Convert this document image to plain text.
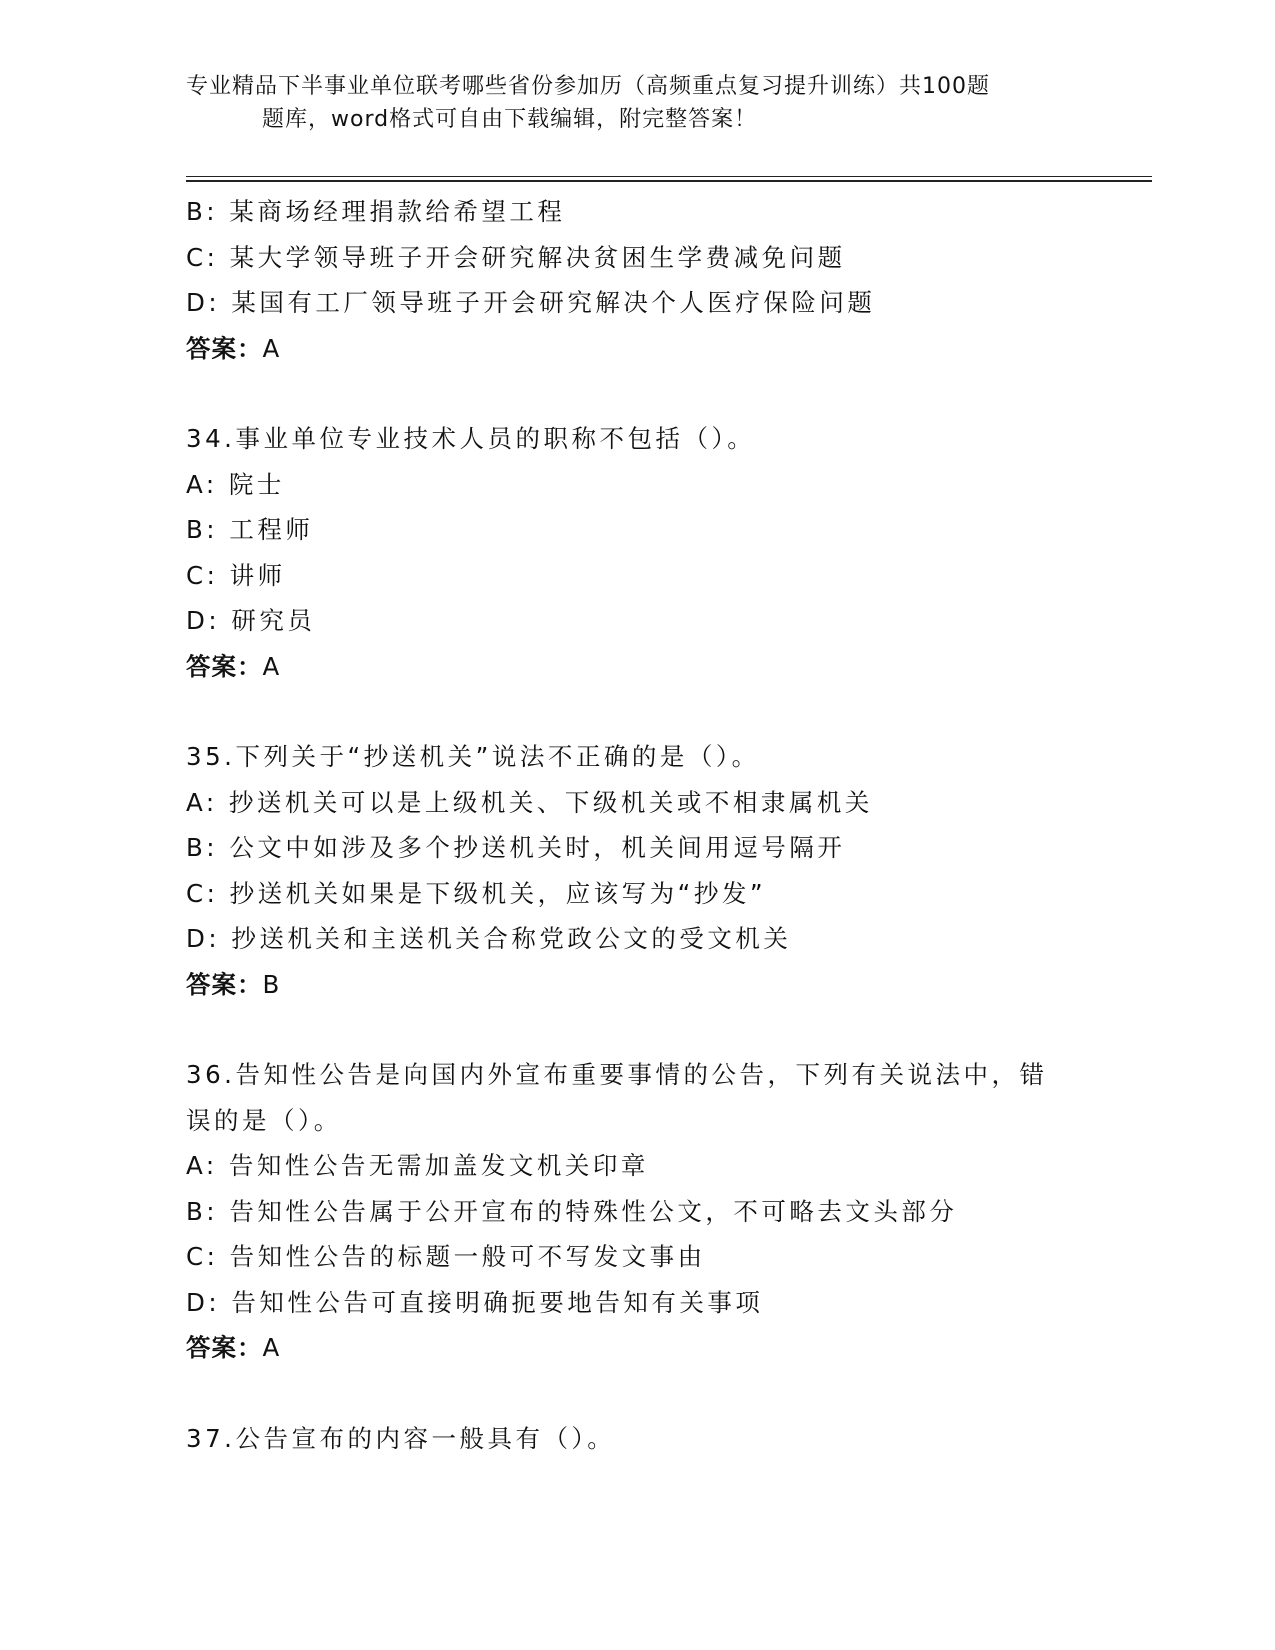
专业精品下半事业单位联考哪些省份参加历（高频重点复习提升训练）共100题
题库，word格式可自由下载编辑，附完整答案！
B: 某商场经理捐款给希望工程
C: 某大学领导班子开会研究解决贫困生学费减免问题
D: 某国有工厂领导班子开会研究解决个人医疗保险问题
答案：A
34.事业单位专业技术人员的职称不包括（）。
A: 院士
B: 工程师
C: 讲师
D: 研究员
答案：A
35.下列关于“抄送机关”说法不正确的是（）。
A: 抄送机关可以是上级机关、下级机关或不相隶属机关
B: 公文中如涉及多个抄送机关时，机关间用逗号隔开
C: 抄送机关如果是下级机关，应该写为“抄发”
D: 抄送机关和主送机关合称党政公文的受文机关
答案：B
36.告知性公告是向国内外宣布重要事情的公告，下列有关说法中，错
误的是（）。
A: 告知性公告无需加盖发文机关印章
B: 告知性公告属于公开宣布的特殊性公文，不可略去文头部分
C: 告知性公告的标题一般可不写发文事由
D: 告知性公告可直接明确扼要地告知有关事项
答案：A
37.公告宣布的内容一般具有（）。
